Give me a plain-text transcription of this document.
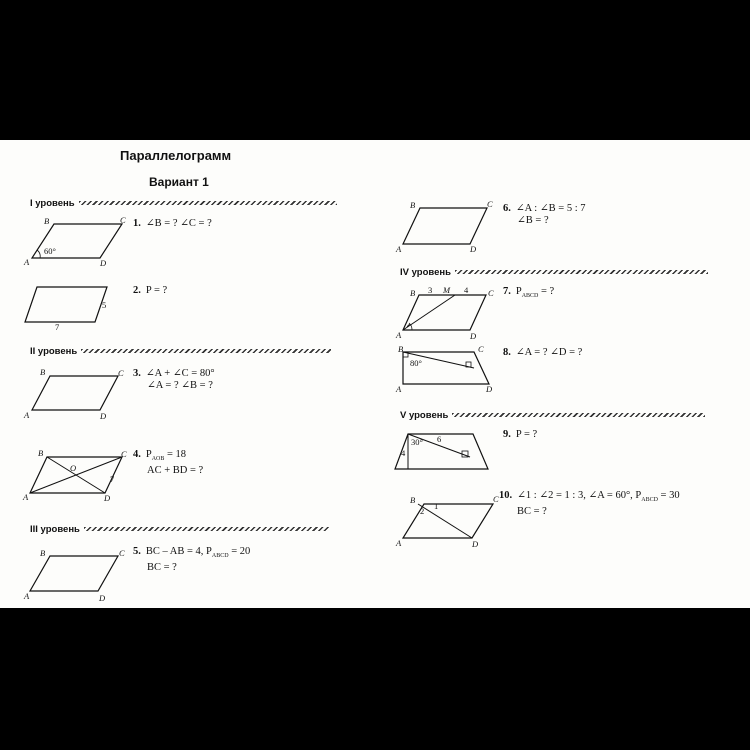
Параллелограмм
Вариант 1
I уровень
II уровень
III уровень
IV уровень
V уровень
1. ∠B = ? ∠C = ?
2. P = ?
3. ∠A + ∠C = 80°
∠A = ? ∠B = ?
4. $P_{AOB} = 18$
AC + BD = ?
5. BC – AB = 4, $P_{ABCD} = 20$
BC = ?
6. ∠A : ∠B = 5 : 7
∠B = ?
7. $P_{ABCD}$ = ?
8. ∠A = ? ∠D = ?
9. P = ?
10. ∠1 : ∠2 = 1 : 3, ∠A = 60°, $P_{ABCD} = 30$
BC = ?
60°
A
B	C
D
5
7
A
B	C
D
O
7
A
B	C
D
A
B	C
D
A
B	C
D
3	4
M
A
B	C
D
80°
A
B	C
D
30°
4
6
2 1
A
B	C
D
